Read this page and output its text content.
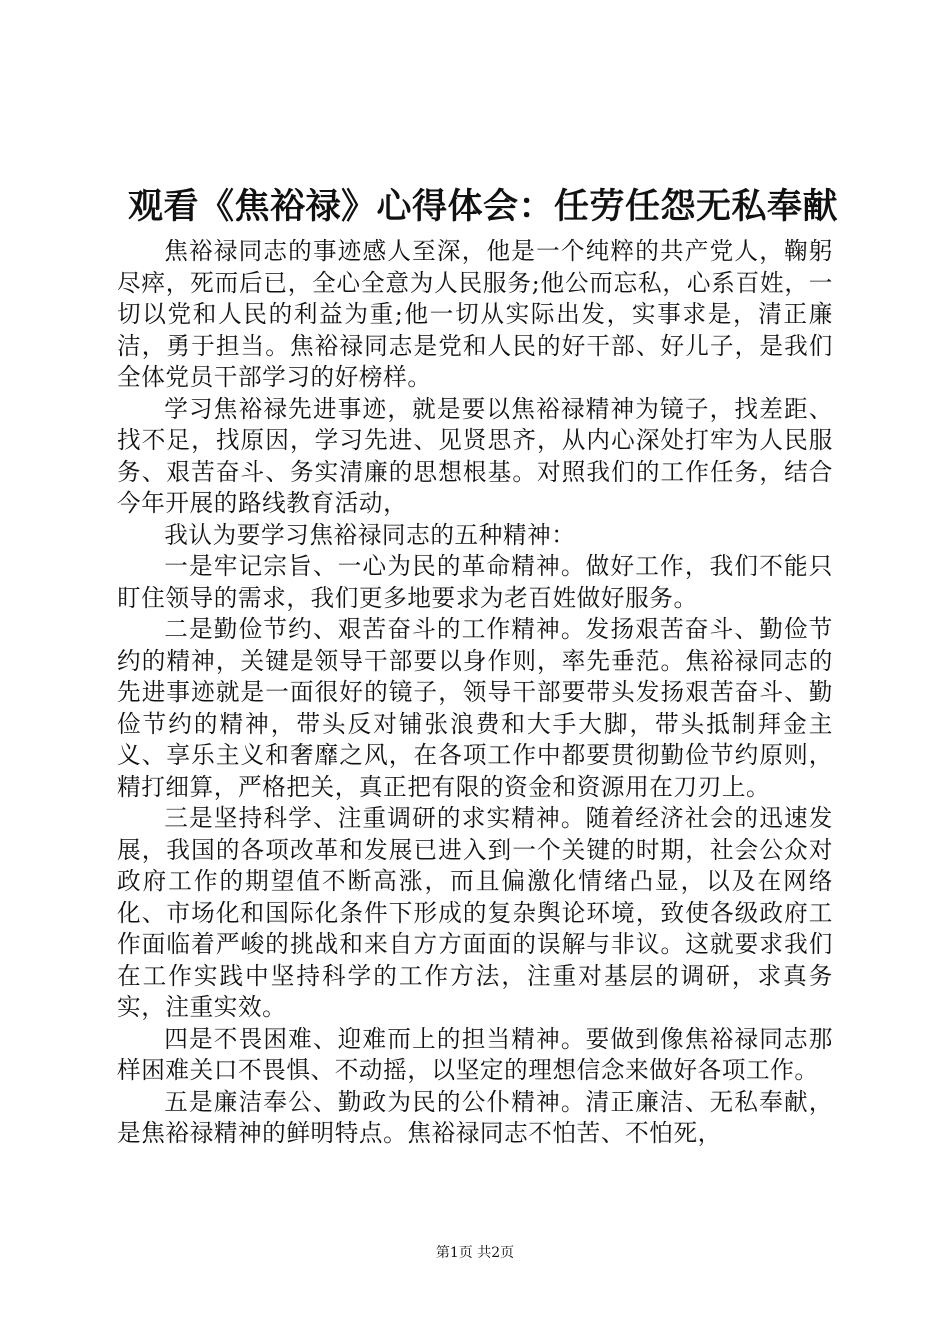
观看《焦裕禄》心得体会：任劳任怨无私奉献

焦裕禄同志的事迹感人至深，他是一个纯粹的共产党人，鞠躬尽瘁，死而后已，全心全意为人民服务;他公而忘私，心系百姓，一切以党和人民的利益为重;他一切从实际出发，实事求是，清正廉洁，勇于担当。焦裕禄同志是党和人民的好干部、好儿子，是我们全体党员干部学习的好榜样。

学习焦裕禄先进事迹，就是要以焦裕禄精神为镜子，找差距、找不足，找原因，学习先进、见贤思齐，从内心深处打牢为人民服务、艰苦奋斗、务实清廉的思想根基。对照我们的工作任务，结合今年开展的路线教育活动，

我认为要学习焦裕禄同志的五种精神：

一是牢记宗旨、一心为民的革命精神。做好工作，我们不能只盯住领导的需求，我们更多地要求为老百姓做好服务。

二是勤俭节约、艰苦奋斗的工作精神。发扬艰苦奋斗、勤俭节约的精神，关键是领导干部要以身作则，率先垂范。焦裕禄同志的先进事迹就是一面很好的镜子，领导干部要带头发扬艰苦奋斗、勤俭节约的精神，带头反对铺张浪费和大手大脚，带头抵制拜金主义、享乐主义和奢靡之风，在各项工作中都要贯彻勤俭节约原则，精打细算，严格把关，真正把有限的资金和资源用在刀刃上。

三是坚持科学、注重调研的求实精神。随着经济社会的迅速发展，我国的各项改革和发展已进入到一个关键的时期，社会公众对政府工作的期望值不断高涨，而且偏激化情绪凸显，以及在网络化、市场化和国际化条件下形成的复杂舆论环境，致使各级政府工作面临着严峻的挑战和来自方方面面的误解与非议。这就要求我们在工作实践中坚持科学的工作方法，注重对基层的调研，求真务实，注重实效。

四是不畏困难、迎难而上的担当精神。要做到像焦裕禄同志那样困难关口不畏惧、不动摇，以坚定的理想信念来做好各项工作。

五是廉洁奉公、勤政为民的公仆精神。清正廉洁、无私奉献，是焦裕禄精神的鲜明特点。焦裕禄同志不怕苦、不怕死，

第1页 共2页
